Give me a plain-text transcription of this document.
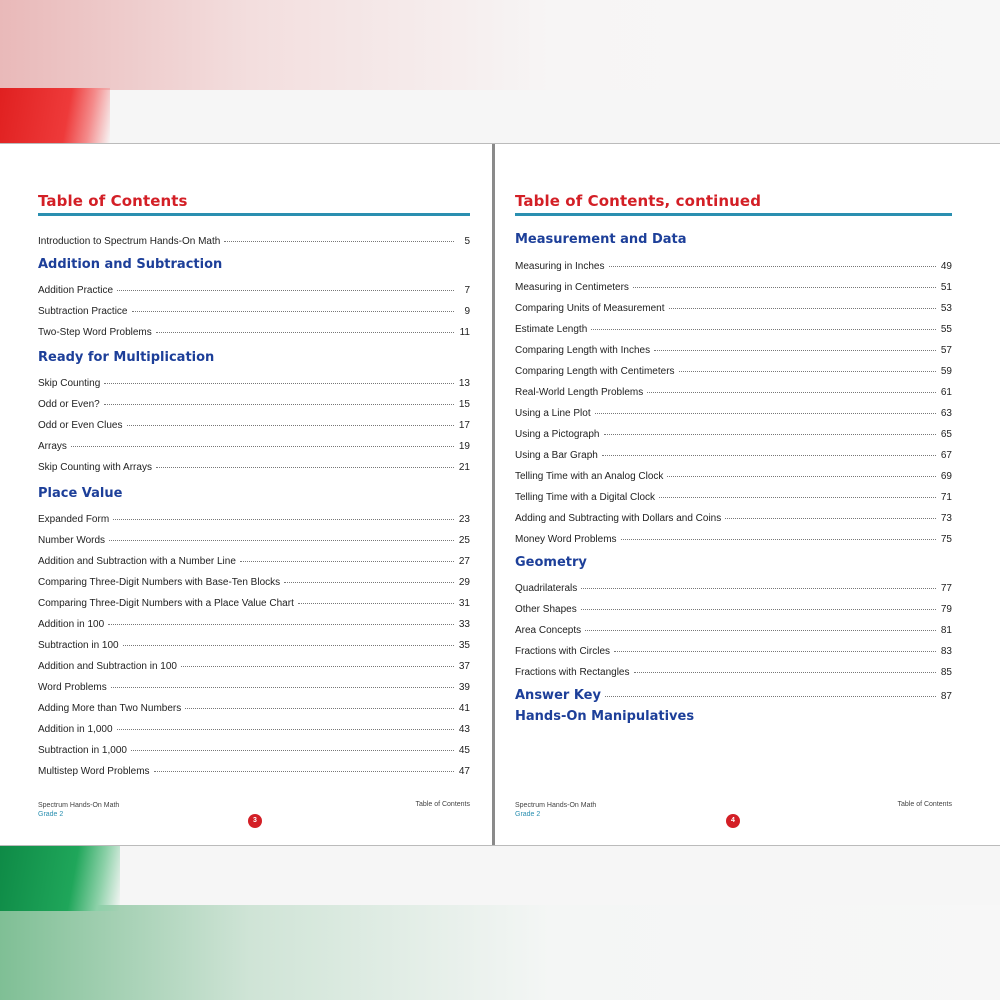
Table of Contents
Introduction to Spectrum Hands-On Math	5
Addition and Subtraction
Addition Practice	7
Subtraction Practice	9
Two-Step Word Problems	11
Ready for Multiplication
Skip Counting	13
Odd or Even?	15
Odd or Even Clues	17
Arrays	19
Skip Counting with Arrays	21
Place Value
Expanded Form	23
Number Words	25
Addition and Subtraction with a Number Line	27
Comparing Three-Digit Numbers with Base-Ten Blocks	29
Comparing Three-Digit Numbers with a Place Value Chart	31
Addition in 100	33
Subtraction in 100	35
Addition and Subtraction in 100	37
Word Problems	39
Adding More than Two Numbers	41
Addition in 1,000	43
Subtraction in 1,000	45
Multistep Word Problems	47
Spectrum Hands-On Math
Grade 2
Table of Contents
3
Table of Contents, continued
Measurement and Data
Measuring in Inches	49
Measuring in Centimeters	51
Comparing Units of Measurement	53
Estimate Length	55
Comparing Length with Inches	57
Comparing Length with Centimeters	59
Real-World Length Problems	61
Using a Line Plot	63
Using a Pictograph	65
Using a Bar Graph	67
Telling Time with an Analog Clock	69
Telling Time with a Digital Clock	71
Adding and Subtracting with Dollars and Coins	73
Money Word Problems	75
Geometry
Quadrilaterals	77
Other Shapes	79
Area Concepts	81
Fractions with Circles	83
Fractions with Rectangles	85
Answer Key	87
Hands-On Manipulatives
Spectrum Hands-On Math
Grade 2
Table of Contents
4
